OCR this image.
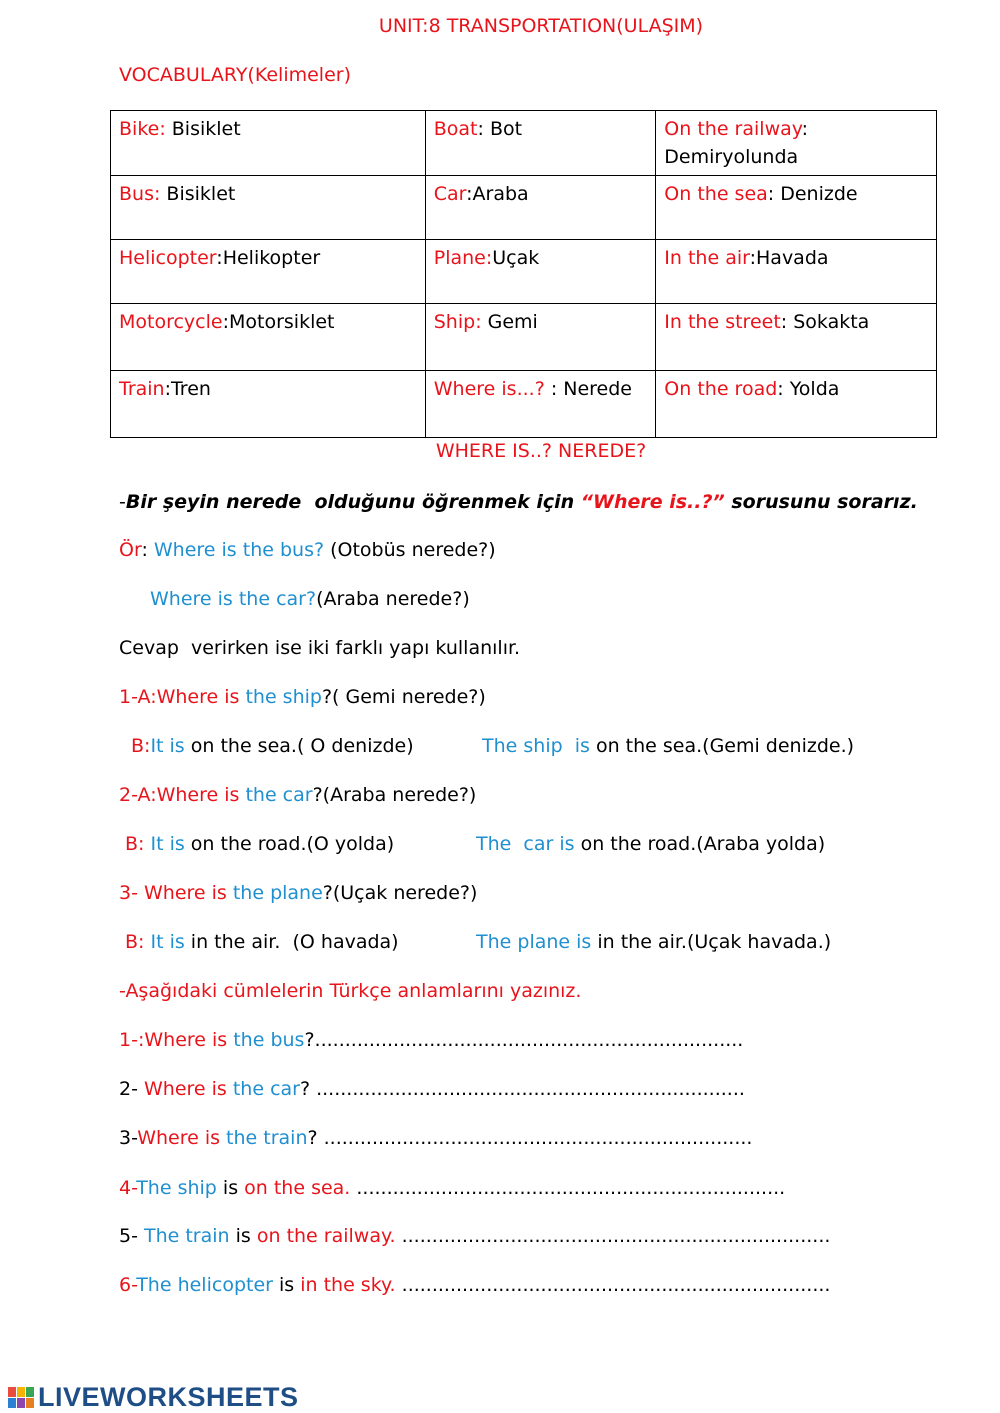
UNIT:8 TRANSPORTATION(ULAŞIM)
VOCABULARY(Kelimeler)
Bike: Bisiklet	Boat: Bot	On the railway: Demiryolunda
Bus: Bisiklet	Car:Araba	On the sea: Denizde
Helicopter:Helikopter	Plane:Uçak	In the air:Havada
Motorcycle:Motorsiklet	Ship: Gemi	In the street: Sokakta
Train:Tren	Where is...? : Nerede	On the road: Yolda
WHERE IS..? NEREDE?
-Bir şeyin nerede  olduğunu öğrenmek için “Where is..?” sorusunu sorarız.
Ör: Where is the bus? (Otobüs nerede?)
Where is the car?(Araba nerede?)
Cevap  verirken ise iki farklı yapı kullanılır.
1-A:Where is the ship?( Gemi nerede?)
B:It is on the sea.( O denizde)	The ship  is on the sea.(Gemi denizde.)
2-A:Where is the car?(Araba nerede?)
B: It is on the road.(O yolda)	The  car is on the road.(Araba yolda)
3- Where is the plane?(Uçak nerede?)
B: It is in the air.  (O havada)	The plane is in the air.(Uçak havada.)
-Aşağıdaki cümlelerin Türkçe anlamlarını yazınız.
1-:Where is the bus?.......................................................................
2- Where is the car? .......................................................................
3-Where is the train? .......................................................................
4-The ship is on the sea. .......................................................................
5- The train is on the railway. .......................................................................
6-The helicopter is in the sky. .......................................................................
LIVEWORKSHEETS
